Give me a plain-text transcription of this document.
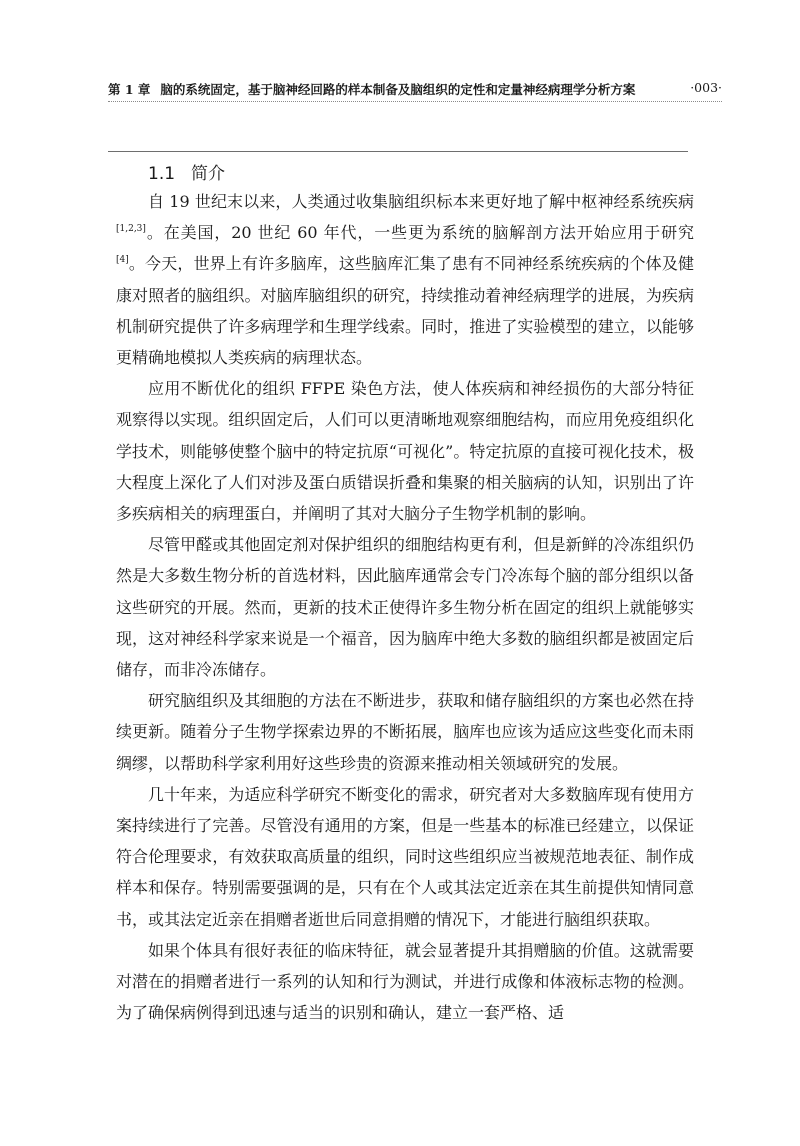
第 1 章 脑的系统固定，基于脑神经回路的样本制备及脑组织的定性和定量神经病理学分析方案	·003·
1.1 简介

自 19 世纪末以来，人类通过收集脑组织标本来更好地了解中枢神经系统疾病[1,2,3]。在美国，20 世纪 60 年代，一些更为系统的脑解剖方法开始应用于研究[4]。今天，世界上有许多脑库，这些脑库汇集了患有不同神经系统疾病的个体及健康对照者的脑组织。对脑库脑组织的研究，持续推动着神经病理学的进展，为疾病机制研究提供了许多病理学和生理学线索。同时，推进了实验模型的建立，以能够更精确地模拟人类疾病的病理状态。

应用不断优化的组织 FFPE 染色方法，使人体疾病和神经损伤的大部分特征观察得以实现。组织固定后，人们可以更清晰地观察细胞结构，而应用免疫组织化学技术，则能够使整个脑中的特定抗原“可视化”。特定抗原的直接可视化技术，极大程度上深化了人们对涉及蛋白质错误折叠和集聚的相关脑病的认知，识别出了许多疾病相关的病理蛋白，并阐明了其对大脑分子生物学机制的影响。

尽管甲醛或其他固定剂对保护组织的细胞结构更有利，但是新鲜的冷冻组织仍然是大多数生物分析的首选材料，因此脑库通常会专门冷冻每个脑的部分组织以备这些研究的开展。然而，更新的技术正使得许多生物分析在固定的组织上就能够实现，这对神经科学家来说是一个福音，因为脑库中绝大多数的脑组织都是被固定后储存，而非冷冻储存。

研究脑组织及其细胞的方法在不断进步，获取和储存脑组织的方案也必然在持续更新。随着分子生物学探索边界的不断拓展，脑库也应该为适应这些变化而未雨绸缪，以帮助科学家利用好这些珍贵的资源来推动相关领域研究的发展。

几十年来，为适应科学研究不断变化的需求，研究者对大多数脑库现有使用方案持续进行了完善。尽管没有通用的方案，但是一些基本的标准已经建立，以保证符合伦理要求，有效获取高质量的组织，同时这些组织应当被规范地表征、制作成样本和保存。特别需要强调的是，只有在个人或其法定近亲在其生前提供知情同意书，或其法定近亲在捐赠者逝世后同意捐赠的情况下，才能进行脑组织获取。

如果个体具有很好表征的临床特征，就会显著提升其捐赠脑的价值。这就需要对潜在的捐赠者进行一系列的认知和行为测试，并进行成像和体液标志物的检测。为了确保病例得到迅速与适当的识别和确认，建立一套严格、适
